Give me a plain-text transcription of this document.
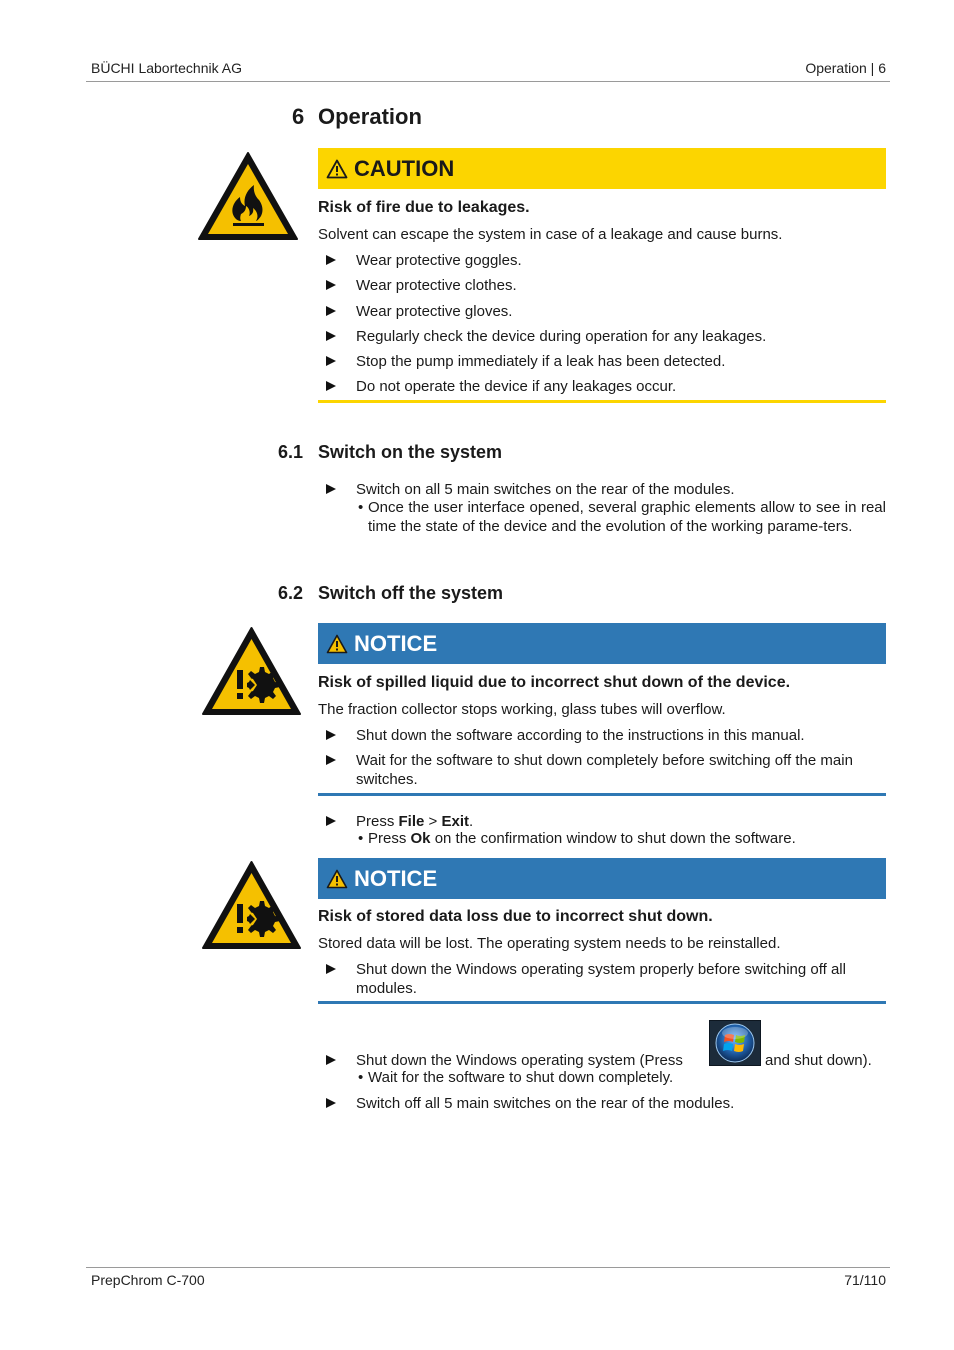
BÜCHI Labortechnik AG	Operation | 6
6 Operation
CAUTION
Risk of fire due to leakages.
Solvent can escape the system in case of a leakage and cause burns.
Wear protective goggles.
Wear protective clothes.
Wear protective gloves.
Regularly check the device during operation for any leakages.
Stop the pump immediately if a leak has been detected.
Do not operate the device if any leakages occur.
6.1 Switch on the system
Switch on all 5 main switches on the rear of the modules.
• Once the user interface opened, several graphic elements allow to see in real time the state of the device and the evolution of the working parame-ters.
6.2 Switch off the system
NOTICE
Risk of spilled liquid due to incorrect shut down of the device.
The fraction collector stops working, glass tubes will overflow.
Shut down the software according to the instructions in this manual.
Wait for the software to shut down completely before switching off the main switches.
Press File > Exit.
• Press Ok on the confirmation window to shut down the software.
NOTICE
Risk of stored data loss due to incorrect shut down.
Stored data will be lost. The operating system needs to be reinstalled.
Shut down the Windows operating system properly before switching off all modules.
Shut down the Windows operating system (Press	and shut down).
• Wait for the software to shut down completely.
Switch off all 5 main switches on the rear of the modules.
PrepChrom C-700	71/110
